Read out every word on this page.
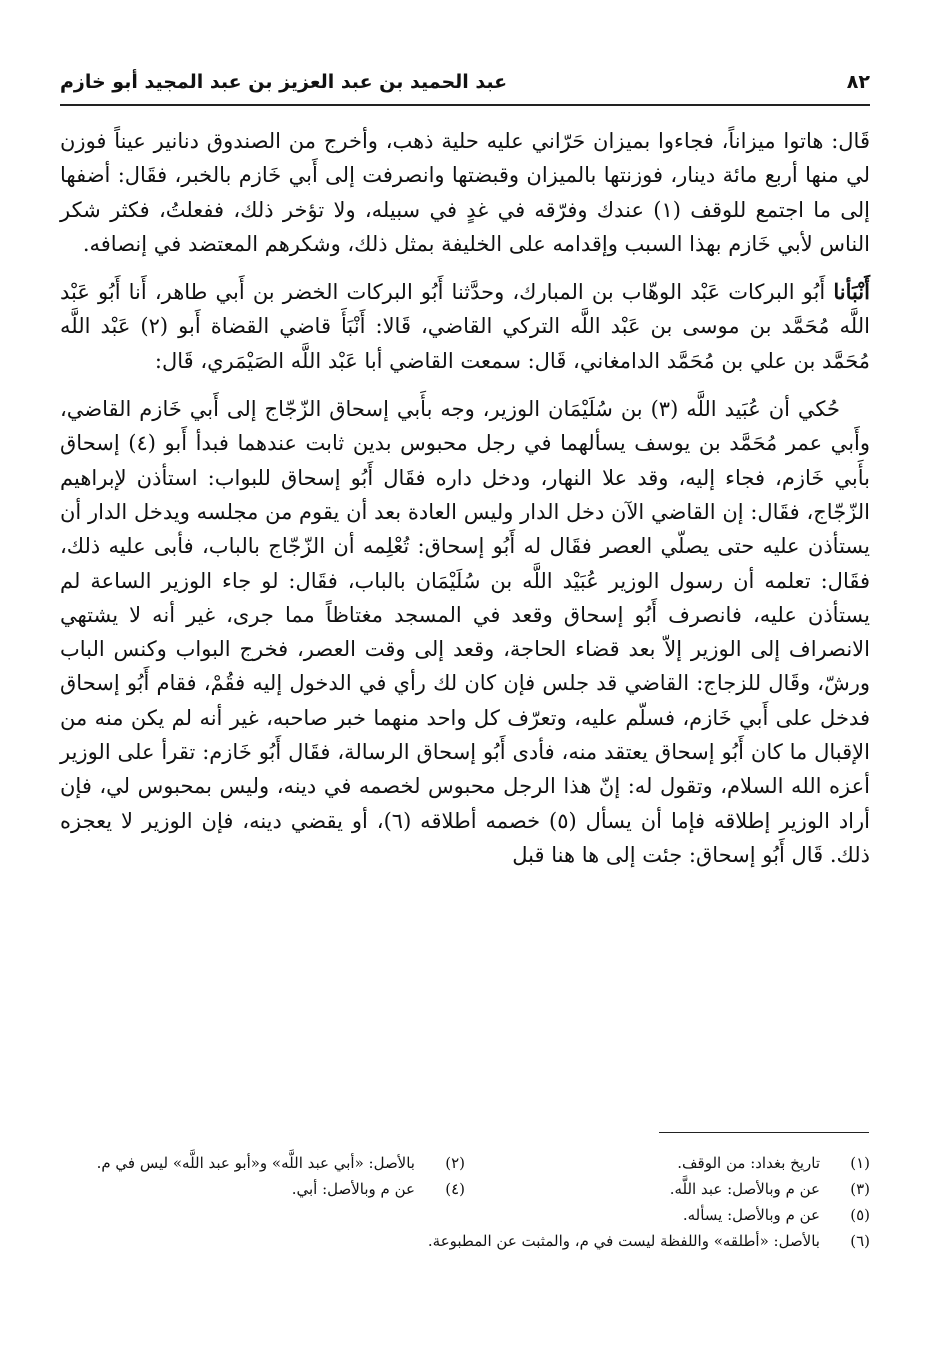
٨٢
عبد الحميد بن عبد العزيز بن عبد المجيد أبو خازم

قَال: هاتوا ميزاناً، فجاءوا بميزان حَرّاني عليه حلية ذهب، وأخرج من الصندوق دنانير عيناً فوزن لي منها أربع مائة دينار، فوزنتها بالميزان وقبضتها وانصرفت إلى أَبي خَازم بالخبر، فقَال: أضفها إلى ما اجتمع للوقف (١) عندك وفرّقه في غدٍ في سبيله، ولا تؤخر ذلك، ففعلتُ، فكثر شكر الناس لأبي خَازم بهذا السبب وإقدامه على الخليفة بمثل ذلك، وشكرهم المعتضد في إنصافه.

أَنْبَأنا أَبُو البركات عَبْد الوهّاب بن المبارك، وحدَّثنا أَبُو البركات الخضر بن أَبي طاهر، أَنا أَبُو عَبْد اللَّه مُحَمَّد بن موسى بن عَبْد اللَّه التركي القاضي، قَالا: أَنْبَأَ قاضي القضاة أَبو (٢) عَبْد اللَّه مُحَمَّد بن علي بن مُحَمَّد الدامغاني، قَال: سمعت القاضي أبا عَبْد اللَّه الصَيْمَري، قَال:

حُكي أن عُبَيد اللَّه (٣) بن سُلَيْمَان الوزير، وجه بأَبي إسحاق الزّجّاج إلى أَبي خَازم القاضي، وأَبي عمر مُحَمَّد بن يوسف يسألهما في رجل محبوس بدين ثابت عندهما فبدأ أَبو (٤) إسحاق بأَبي خَازم، فجاء إليه، وقد علا النهار، ودخل داره فقَال أَبُو إسحاق للبواب: استأذن لإبراهيم الزّجّاج، فقَال: إن القاضي الآن دخل الدار وليس العادة بعد أن يقوم من مجلسه ويدخل الدار أن يستأذن عليه حتى يصلّي العصر فقَال له أَبُو إسحاق: تُعْلِمه أن الزّجّاج بالباب، فأبى عليه ذلك، فقَال: تعلمه أن رسول الوزير عُبَيْد اللَّه بن سُلَيْمَان بالباب، فقَال: لو جاء الوزير الساعة لم يستأذن عليه، فانصرف أَبُو إسحاق وقعد في المسجد مغتاظاً مما جرى، غير أنه لا يشتهي الانصراف إلى الوزير إلاّ بعد قضاء الحاجة، وقعد إلى وقت العصر، فخرج البواب وكنس الباب ورشّ، وقَال للزجاج: القاضي قد جلس فإن كان لك رأي في الدخول إليه فقُمْ، فقام أَبُو إسحاق فدخل على أَبي خَازم، فسلّم عليه، وتعرّف كل واحد منهما خبر صاحبه، غير أنه لم يكن منه من الإقبال ما كان أَبُو إسحاق يعتقد منه، فأدى أَبُو إسحاق الرسالة، فقَال أَبُو خَازم: تقرأ على الوزير أعزه الله السلام، وتقول له: إنّ هذا الرجل محبوس لخصمه في دينه، وليس بمحبوس لي، فإن أراد الوزير إطلاقه فإما أن يسأل (٥) خصمه أطلاقه (٦)، أو يقضي دينه، فإن الوزير لا يعجزه ذلك. قَال أَبُو إسحاق: جئت إلى ها هنا قبل

(١)
تاريخ بغداد: من الوقف.
(٢)
بالأصل: «أبي عبد اللَّه» و«أبو عبد اللَّه» ليس في م.
(٣)
عن م وبالأصل: عبد اللَّه.
(٤)
عن م وبالأصل: أبي.
(٥)
عن م وبالأصل: يسأله.
(٦)
بالأصل: «أطلقه» واللفظة ليست في م، والمثبت عن المطبوعة.
